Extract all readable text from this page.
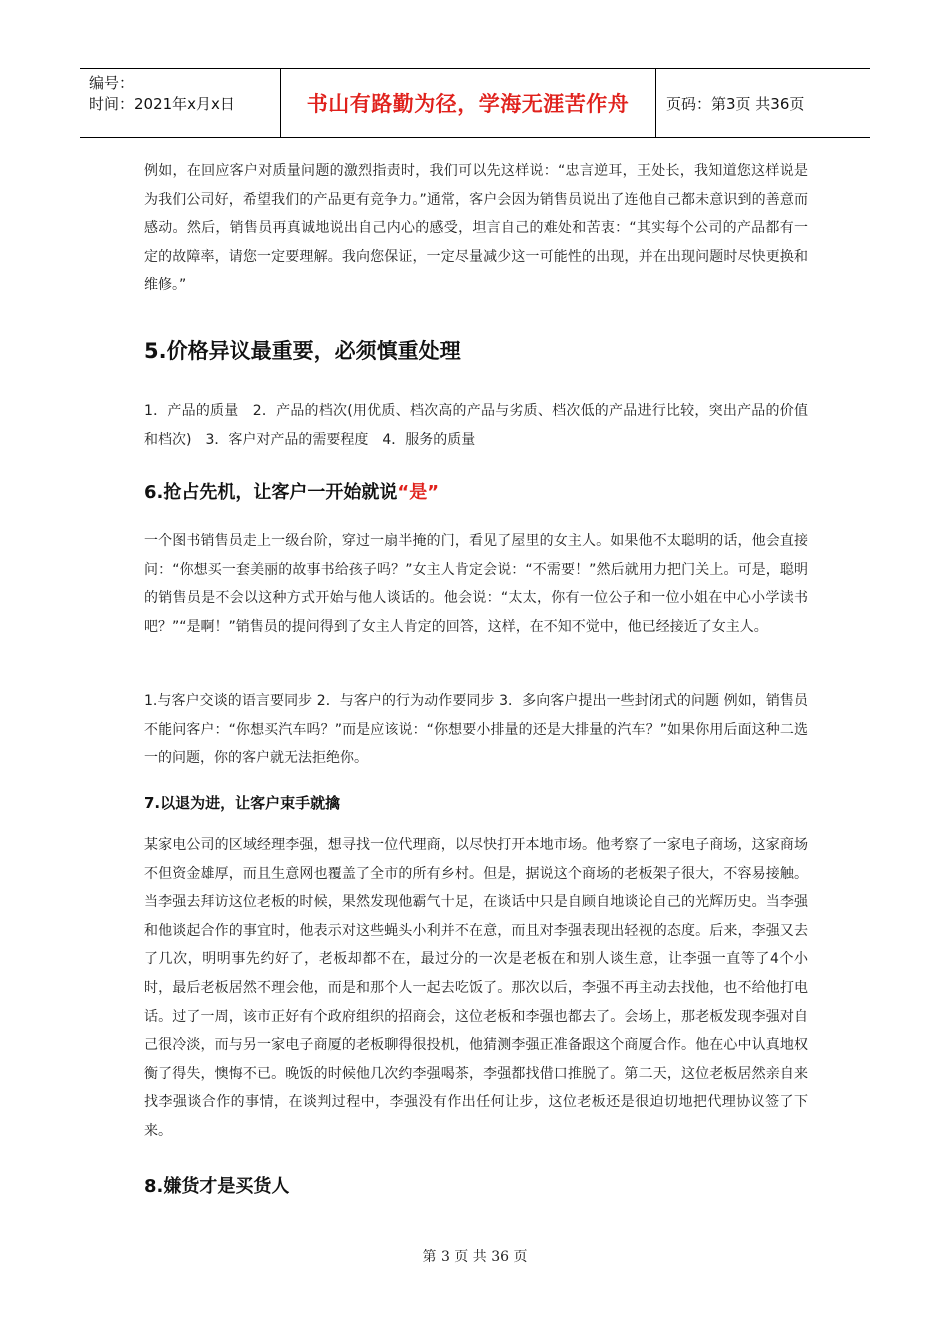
编号：
时间：2021年x月x日	书山有路勤为径，学海无涯苦作舟	页码：第3页 共36页

例如，在回应客户对质量问题的激烈指责时，我们可以先这样说：“忠言逆耳，王处长，我知道您这样说是为我们公司好，希望我们的产品更有竞争力。”通常，客户会因为销售员说出了连他自己都未意识到的善意而感动。然后，销售员再真诚地说出自己内心的感受，坦言自己的难处和苦衷：“其实每个公司的产品都有一定的故障率，请您一定要理解。我向您保证，一定尽量减少这一可能性的出现，并在出现问题时尽快更换和维修。”

5.价格异议最重要，必须慎重处理

1．产品的质量　2．产品的档次(用优质、档次高的产品与劣质、档次低的产品进行比较，突出产品的价值和档次)　3．客户对产品的需要程度　4．服务的质量

6.抢占先机，让客户一开始就说“是”

一个图书销售员走上一级台阶，穿过一扇半掩的门，看见了屋里的女主人。如果他不太聪明的话，他会直接问：“你想买一套美丽的故事书给孩子吗？”女主人肯定会说：“不需要！”然后就用力把门关上。可是，聪明的销售员是不会以这种方式开始与他人谈话的。他会说：“太太，你有一位公子和一位小姐在中心小学读书吧？”“是啊！”销售员的提问得到了女主人肯定的回答，这样，在不知不觉中，他已经接近了女主人。

1.与客户交谈的语言要同步 2．与客户的行为动作要同步 3．多向客户提出一些封闭式的问题 例如，销售员不能问客户：“你想买汽车吗？”而是应该说：“你想要小排量的还是大排量的汽车？”如果你用后面这种二选一的问题，你的客户就无法拒绝你。

7.以退为进，让客户束手就擒

某家电公司的区域经理李强，想寻找一位代理商，以尽快打开本地市场。他考察了一家电子商场，这家商场不但资金雄厚，而且生意网也覆盖了全市的所有乡村。但是，据说这个商场的老板架子很大，不容易接触。当李强去拜访这位老板的时候，果然发现他霸气十足，在谈话中只是自顾自地谈论自己的光辉历史。当李强和他谈起合作的事宜时，他表示对这些蝇头小利并不在意，而且对李强表现出轻视的态度。后来，李强又去了几次，明明事先约好了，老板却都不在，最过分的一次是老板在和别人谈生意，让李强一直等了4个小时，最后老板居然不理会他，而是和那个人一起去吃饭了。那次以后，李强不再主动去找他，也不给他打电话。过了一周，该市正好有个政府组织的招商会，这位老板和李强也都去了。会场上，那老板发现李强对自己很冷淡，而与另一家电子商厦的老板聊得很投机，他猜测李强正准备跟这个商厦合作。他在心中认真地权衡了得失，懊悔不已。晚饭的时候他几次约李强喝茶，李强都找借口推脱了。第二天，这位老板居然亲自来找李强谈合作的事情，在谈判过程中，李强没有作出任何让步，这位老板还是很迫切地把代理协议签了下来。

8.嫌货才是买货人
第 3 页 共 36 页
